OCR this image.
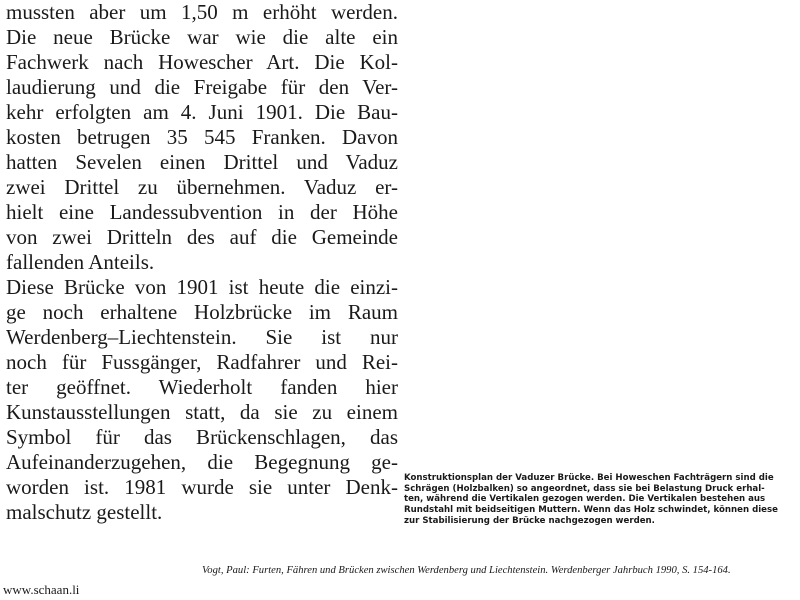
mussten aber um 1,50 m erhöht werden.
Die neue Brücke war wie die alte ein
Fachwerk nach Howescher Art. Die Kol-
laudierung und die Freigabe für den Ver-
kehr erfolgten am 4. Juni 1901. Die Bau-
kosten betrugen 35 545 Franken. Davon
hatten Sevelen einen Drittel und Vaduz
zwei Drittel zu übernehmen. Vaduz er-
hielt eine Landessubvention in der Höhe
von zwei Dritteln des auf die Gemeinde
fallenden Anteils.
Diese Brücke von 1901 ist heute die einzi-
ge noch erhaltene Holzbrücke im Raum
Werdenberg–Liechtenstein. Sie ist nur
noch für Fussgänger, Radfahrer und Rei-
ter geöffnet. Wiederholt fanden hier
Kunstausstellungen statt, da sie zu einem
Symbol für das Brückenschlagen, das
Aufeinanderzugehen, die Begegnung ge-
worden ist. 1981 wurde sie unter Denk-
malschutz gestellt.
Konstruktionsplan der Vaduzer Brücke. Bei Howeschen Fachträgern sind die
Schrägen (Holzbalken) so angeordnet, dass sie bei Belastung Druck erhal-
ten, während die Vertikalen gezogen werden. Die Vertikalen bestehen aus
Rundstahl mit beidseitigen Muttern. Wenn das Holz schwindet, können diese
zur Stabilisierung der Brücke nachgezogen werden.
Vogt, Paul: Furten, Fähren und Brücken zwischen Werdenberg und Liechtenstein. Werdenberger Jahrbuch 1990, S. 154-164.
www.schaan.li
